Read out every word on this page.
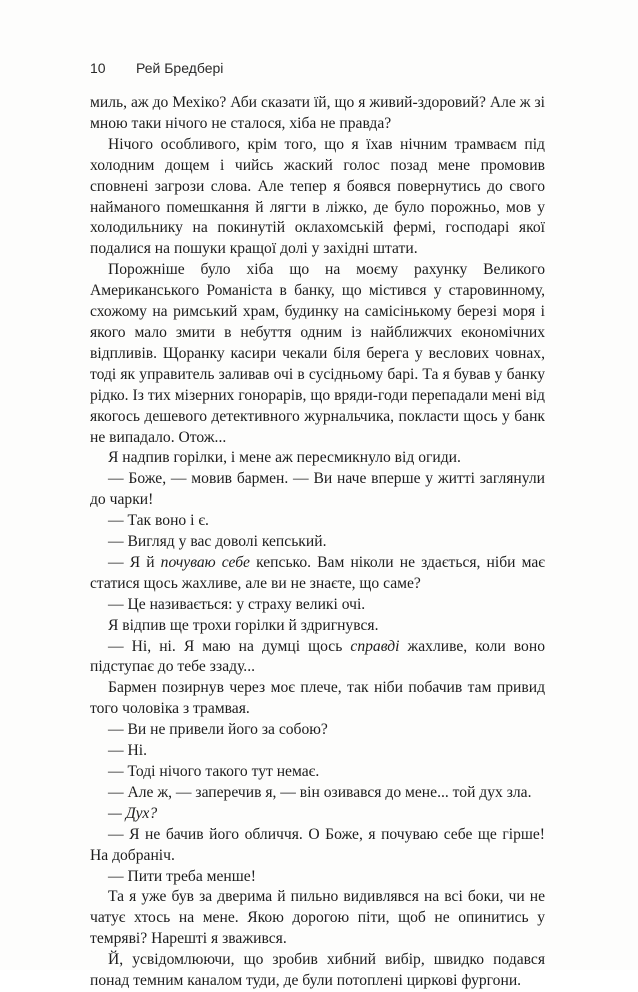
10 Рей Бредбері

миль, аж до Мехіко? Аби сказати їй, що я живий-здоровий? Але ж зі мною таки нічого не сталося, хіба не правда?

Нічого особливого, крім того, що я їхав нічним трамваєм під холодним дощем і чийсь жаский голос позад мене промовив сповнені загрози слова. Але тепер я боявся повернутись до свого найманого помешкання й лягти в ліжко, де було порожньо, мов у холодильнику на покинутій оклахомській фермі, господарі якої подалися на пошуки кращої долі у західні штати.

Порожніше було хіба що на моєму рахунку Великого Американського Романіста в банку, що містився у старовинному, схожому на римський храм, будинку на самісінькому березі моря і якого мало змити в небуття одним із найближчих економічних відпливів. Щоранку касири чекали біля берега у веслових човнах, тоді як управитель заливав очі в сусідньому барі. Та я бував у банку рідко. Із тих мізерних гонорарів, що вряди-годи перепадали мені від якогось дешевого детективного журнальчика, покласти щось у банк не випадало. Отож...

Я надпив горілки, і мене аж пересмикнуло від огиди.

— Боже, — мовив бармен. — Ви наче вперше у житті заглянули до чарки!

— Так воно і є.

— Вигляд у вас доволі кепський.

— Я й почуваю себе кепсько. Вам ніколи не здається, ніби має статися щось жахливе, але ви не знаєте, що саме?

— Це називається: у страху великі очі.

Я відпив ще трохи горілки й здригнувся.

— Ні, ні. Я маю на думці щось справді жахливе, коли воно підступає до тебе ззаду...

Бармен позирнув через моє плече, так ніби побачив там привид того чоловіка з трамвая.

— Ви не привели його за собою?

— Ні.

— Тоді нічого такого тут немає.

— Але ж, — заперечив я, — він озивався до мене... той дух зла.

— Дух?

— Я не бачив його обличчя. О Боже, я почуваю себе ще гірше! На добраніч.

— Пити треба менше!

Та я уже був за дверима й пильно видивлявся на всі боки, чи не чатує хтось на мене. Якою дорогою піти, щоб не опинитись у темряві? Нарешті я зважився.

Й, усвідомлюючи, що зробив хибний вибір, швидко подався понад темним каналом туди, де були потоплені циркові фургони.
